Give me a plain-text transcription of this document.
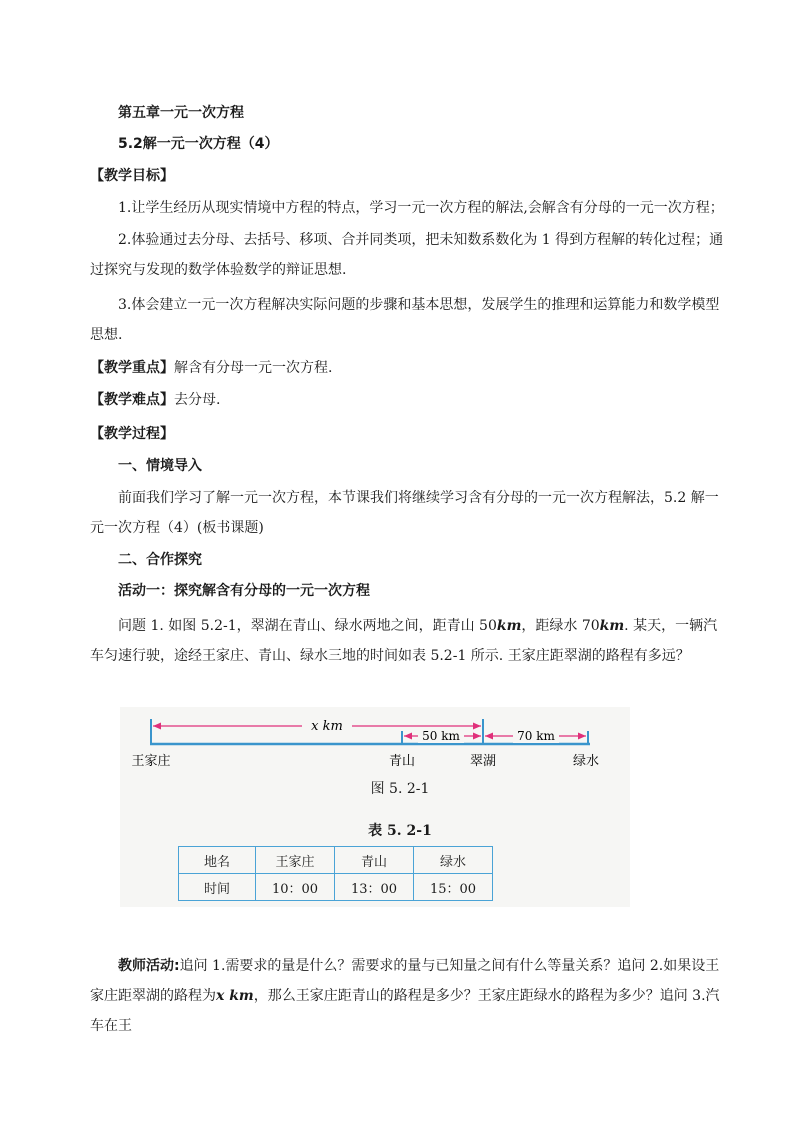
第五章一元一次方程
5.2解一元一次方程（4）
【教学目标】
1.让学生经历从现实情境中方程的特点，学习一元一次方程的解法,会解含有分母的一元一次方程；
2.体验通过去分母、去括号、移项、合并同类项，把未知数系数化为 1 得到方程解的转化过程；通过探究与发现的数学体验数学的辩证思想.
3.体会建立一元一次方程解决实际问题的步骤和基本思想，发展学生的推理和运算能力和数学模型思想.
【教学重点】解含有分母一元一次方程.
【教学难点】去分母.
【教学过程】
一、情境导入
前面我们学习了解一元一次方程，本节课我们将继续学习含有分母的一元一次方程解法，5.2 解一元一次方程（4）(板书课题)
二、合作探究
活动一：探究解含有分母的一元一次方程
问题 1. 如图 5.2-1，翠湖在青山、绿水两地之间，距青山 50km，距绿水 70km. 某天，一辆汽车匀速行驶，途经王家庄、青山、绿水三地的时间如表 5.2-1 所示. 王家庄距翠湖的路程有多远？
x km
50 km	70 km
王家庄	青山	翠湖	绿水
图 5. 2-1
表 5. 2-1
地名	王家庄	青山	绿水
时间	10：00	13：00	15：00
教师活动:追问 1.需要求的量是什么？需要求的量与已知量之间有什么等量关系？追问 2.如果设王家庄距翠湖的路程为x km，那么王家庄距青山的路程是多少？王家庄距绿水的路程为多少？追问 3.汽车在王
